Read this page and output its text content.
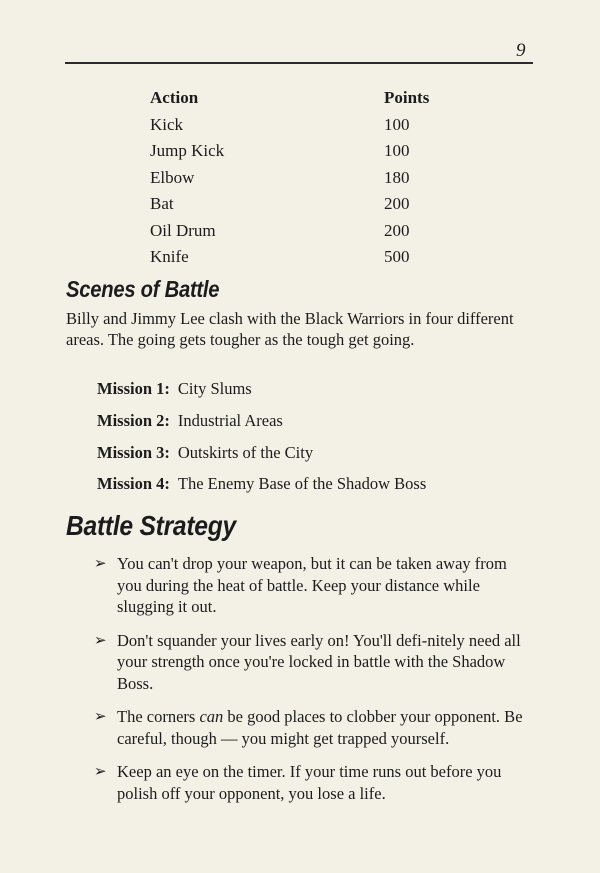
9
Action	Points
Kick	100
Jump Kick	100
Elbow	180
Bat	200
Oil Drum	200
Knife	500
Scenes of Battle
Billy and Jimmy Lee clash with the Black Warriors in four different areas. The going gets tougher as the tough get going.
Mission 1: City Slums
Mission 2: Industrial Areas
Mission 3: Outskirts of the City
Mission 4: The Enemy Base of the Shadow Boss
Battle Strategy
➢ You can't drop your weapon, but it can be taken away from you during the heat of battle. Keep your distance while slugging it out.
➢ Don't squander your lives early on! You'll defi-nitely need all your strength once you're locked in battle with the Shadow Boss.
➢ The corners can be good places to clobber your opponent. Be careful, though — you might get trapped yourself.
➢ Keep an eye on the timer. If your time runs out before you polish off your opponent, you lose a life.
